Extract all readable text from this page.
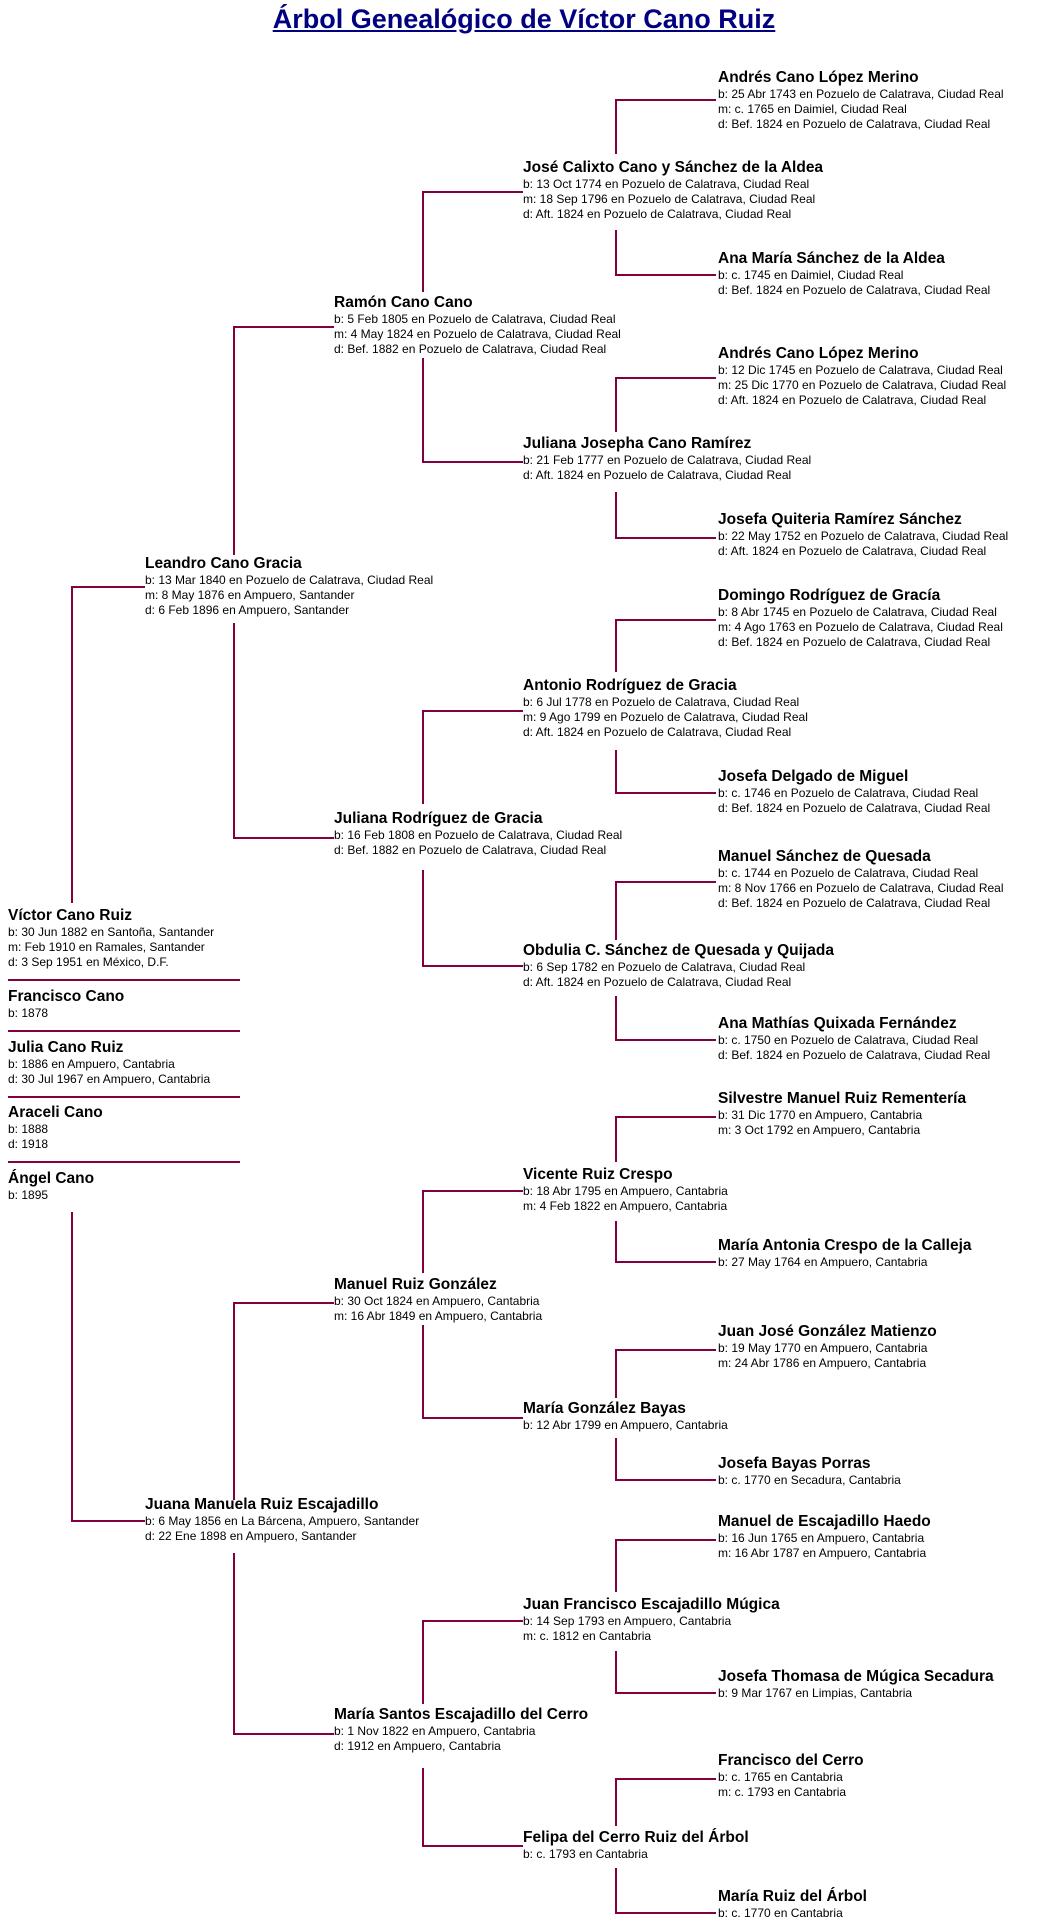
Árbol Genealógico de Víctor Cano Ruiz
Víctor Cano Ruiz
b: 30 Jun 1882 en Santoña, Santander
m: Feb 1910 en Ramales, Santander
d: 3 Sep 1951 en México, D.F.
Francisco Cano
b: 1878
Julia Cano Ruiz
b: 1886 en Ampuero, Cantabria
d: 30 Jul 1967 en Ampuero, Cantabria
Araceli Cano
b: 1888
d: 1918
Ángel Cano
b: 1895
Leandro Cano Gracia
b: 13 Mar 1840 en Pozuelo de Calatrava, Ciudad Real
m: 8 May 1876 en Ampuero, Santander
d: 6 Feb 1896 en Ampuero, Santander
Juana Manuela Ruiz Escajadillo
b: 6 May 1856 en La Bárcena, Ampuero, Santander
d: 22 Ene 1898 en Ampuero, Santander
Ramón Cano Cano
b: 5 Feb 1805 en Pozuelo de Calatrava, Ciudad Real
m: 4 May 1824 en Pozuelo de Calatrava, Ciudad Real
d: Bef. 1882 en Pozuelo de Calatrava, Ciudad Real
Juliana Rodríguez de Gracia
b: 16 Feb 1808 en Pozuelo de Calatrava, Ciudad Real
d: Bef. 1882 en Pozuelo de Calatrava, Ciudad Real
Manuel Ruiz González
b: 30 Oct 1824 en Ampuero, Cantabria
m: 16 Abr 1849 en Ampuero, Cantabria
María Santos Escajadillo del Cerro
b: 1 Nov 1822 en Ampuero, Cantabria
d: 1912 en Ampuero, Cantabria
José Calixto Cano y Sánchez de la Aldea
b: 13 Oct 1774 en Pozuelo de Calatrava, Ciudad Real
m: 18 Sep 1796 en Pozuelo de Calatrava, Ciudad Real
d: Aft. 1824 en Pozuelo de Calatrava, Ciudad Real
Juliana Josepha Cano Ramírez
b: 21 Feb 1777 en Pozuelo de Calatrava, Ciudad Real
d: Aft. 1824 en Pozuelo de Calatrava, Ciudad Real
Antonio Rodríguez de Gracia
b: 6 Jul 1778 en Pozuelo de Calatrava, Ciudad Real
m: 9 Ago 1799 en Pozuelo de Calatrava, Ciudad Real
d: Aft. 1824 en Pozuelo de Calatrava, Ciudad Real
Obdulia C. Sánchez de Quesada y Quijada
b: 6 Sep 1782 en Pozuelo de Calatrava, Ciudad Real
d: Aft. 1824 en Pozuelo de Calatrava, Ciudad Real
Vicente Ruiz Crespo
b: 18 Abr 1795 en Ampuero, Cantabria
m: 4 Feb 1822 en Ampuero, Cantabria
María González Bayas
b: 12 Abr 1799 en Ampuero, Cantabria
Juan Francisco Escajadillo Múgica
b: 14 Sep 1793 en Ampuero, Cantabria
m: c. 1812 en Cantabria
Felipa del Cerro Ruiz del Árbol
b: c. 1793 en Cantabria
Andrés Cano López Merino
b: 25 Abr 1743 en Pozuelo de Calatrava, Ciudad Real
m: c. 1765 en Daimiel, Ciudad Real
d: Bef. 1824 en Pozuelo de Calatrava, Ciudad Real
Ana María Sánchez de la Aldea
b: c. 1745 en Daimiel, Ciudad Real
d: Bef. 1824 en Pozuelo de Calatrava, Ciudad Real
Andrés Cano López Merino
b: 12 Dic 1745 en Pozuelo de Calatrava, Ciudad Real
m: 25 Dic 1770 en Pozuelo de Calatrava, Ciudad Real
d: Aft. 1824 en Pozuelo de Calatrava, Ciudad Real
Josefa Quiteria Ramírez Sánchez
b: 22 May 1752 en Pozuelo de Calatrava, Ciudad Real
d: Aft. 1824 en Pozuelo de Calatrava, Ciudad Real
Domingo Rodríguez de Gracía
b: 8 Abr 1745 en Pozuelo de Calatrava, Ciudad Real
m: 4 Ago 1763 en Pozuelo de Calatrava, Ciudad Real
d: Bef. 1824 en Pozuelo de Calatrava, Ciudad Real
Josefa Delgado de Miguel
b: c. 1746 en Pozuelo de Calatrava, Ciudad Real
d: Bef. 1824 en Pozuelo de Calatrava, Ciudad Real
Manuel Sánchez de Quesada
b: c. 1744 en Pozuelo de Calatrava, Ciudad Real
m: 8 Nov 1766 en Pozuelo de Calatrava, Ciudad Real
d: Bef. 1824 en Pozuelo de Calatrava, Ciudad Real
Ana Mathías Quixada Fernández
b: c. 1750 en Pozuelo de Calatrava, Ciudad Real
d: Bef. 1824 en Pozuelo de Calatrava, Ciudad Real
Silvestre Manuel Ruiz Rementería
b: 31 Dic 1770 en Ampuero, Cantabria
m: 3 Oct 1792 en Ampuero, Cantabria
María Antonia Crespo de la Calleja
b: 27 May 1764 en Ampuero, Cantabria
Juan José González Matienzo
b: 19 May 1770 en Ampuero, Cantabria
m: 24 Abr 1786 en Ampuero, Cantabria
Josefa Bayas Porras
b: c. 1770 en Secadura, Cantabria
Manuel de Escajadillo Haedo
b: 16 Jun 1765 en Ampuero, Cantabria
m: 16 Abr 1787 en Ampuero, Cantabria
Josefa Thomasa de Múgica Secadura
b: 9 Mar 1767 en Limpias, Cantabria
Francisco del Cerro
b: c. 1765 en Cantabria
m: c. 1793 en Cantabria
María Ruiz del Árbol
b: c. 1770 en Cantabria
